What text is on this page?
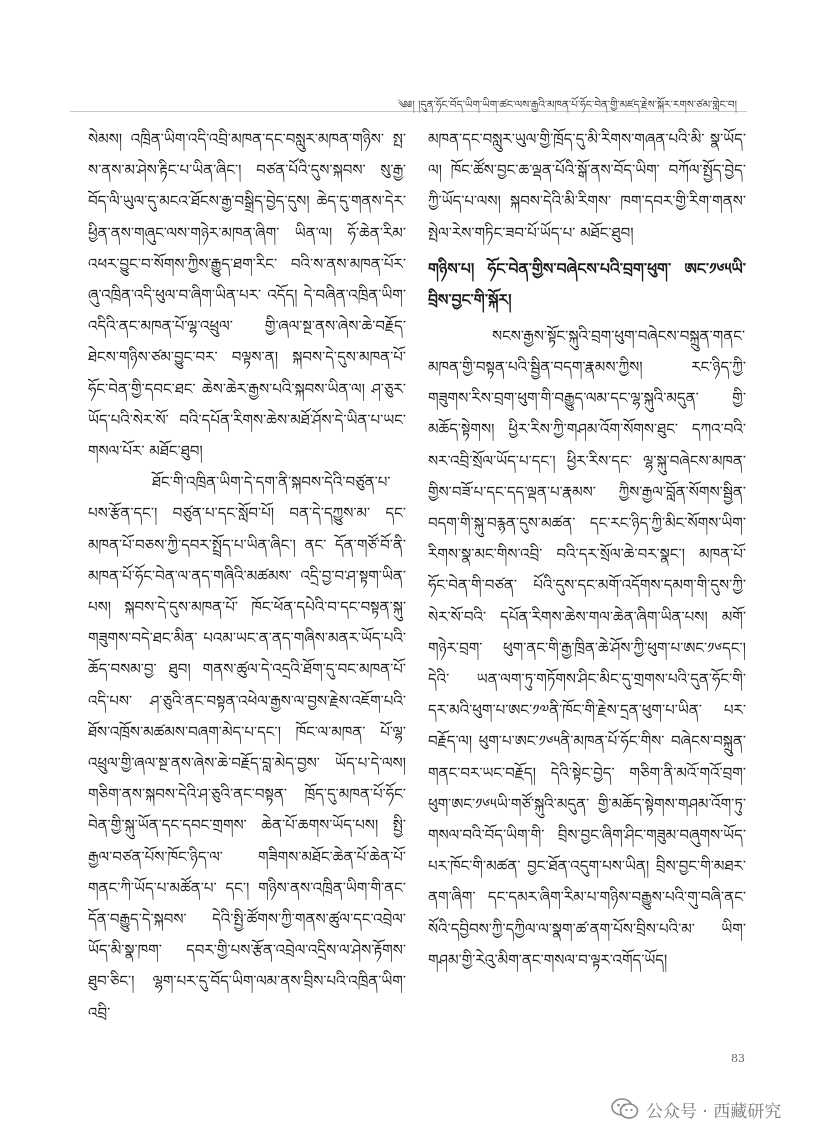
༄༅། །དུན་ཧོང་བོད་ཡིག་ཡིག་ཚང་ལས་རྒྱའི་མཁན་པོ་ཧོང་བེན་གྱི་མཛད་རྗེས་སྐོར་རགས་ཙམ་གླེང་བ།

སེམས། འཁྲིན་ཡིག་འདི་འབྲི་མཁན་དང་བསླུར་མཁན་གཉིས་ སྤ་ས་ནས་མ་ཤེས་རྟིང་པ་ཡིན་ཞིང་། བཙན་པོའི་དུས་སྐབས་ སུ་རྒྱ་བོད་ལི་ཡུལ་དུ་མངའ་ཐོངས་རྒྱ་བསྒྲིད་བྱེད་དུས། ཆེད་དུ་གནས་དེར་ཕྱིན་ནས་གཞུང་ལས་གཉེར་མཁན་ཞིག་ ཡིན་ལ། ཧོ་ཆེན་རིམ་འཕར་བྱུང་བ་སོགས་ཀྱིས་རྒྱུད་ཐག་རིང་ བའི་ས་ནས་མཁན་པོར་ཞུ་འཁྲིན་འདི་ཕུལ་བ་ཞིག་ཡིན་པར་ འདོད། དེ་བཞིན་འཁྲིན་ཡིག་འདིའི་ནང་མཁན་པོ་ལྷ་འཕྲུལ་ གྱི་ཞལ་སྔ་ནས་ཞེས་ཆེ་བརྗོད་ཐེངས་གཉིས་ཙམ་བྱུང་བར་ བལྟས་ན། སྐབས་དེ་དུས་མཁན་པོ་ཧོང་བེན་གྱི་དབང་ཐང་ ཆེས་ཆེར་རྒྱས་པའི་སྐབས་ཡིན་ལ། ཤ་ཅུར་ཡོད་པའི་སེར་སོ་ བའི་དཔོན་རིགས་ཆེས་མཐོ་ཤོས་དེ་ཡིན་པ་ཡང་གསལ་པོར་ མཐོང་ཐུབ།

ཐོང་གི་འཁྲིན་ཡིག་དེ་དག་ནི་སྐབས་དེའི་བཙུན་པ་ པས་རྩོན་དང་། བཙུན་པ་དང་སློབ་པོ། བན་དེ་དཀྱུས་མ་ དང་མཁན་པོ་བཅས་ཀྱི་དབར་སྤྲོད་པ་ཡིན་ཞིང་། ནང་ དོན་གཙོ་བོ་ནི་མཁན་པོ་ཧོང་བེན་ལ་ནད་གཞིའི་མཚམས་ འདྲི་བྱ་བ་ཤ་སྟག་ཡིན་པས། སྐབས་དེ་དུས་མཁན་པོ་ ཁོང་ཕོན་དཔེའི་བ་དང་བསྟན་སྐུ་གཟུགས་བདེ་ཐང་མིན་ པའམ་ཡང་ན་ནད་གཞིས་མནར་ཡོད་པའི་ཆོད་བསམ་བྱ་ ཐུབ། གནས་ཚུལ་དེ་འདྲའི་ཐོག་དུ་བང་མཁན་པོ་འདི་པས་ ཤ་ཅུའི་ནང་བསྟན་འཕེལ་རྒྱས་ལ་བྱས་རྗེས་འཇོག་པའི་ ཐོས་འཁྲོས་མཚམས་བཞག་མེད་པ་དང་། ཁོང་ལ་མཁན་ པོ་ལྷ་འཕྲུལ་གྱི་ཞལ་སྔ་ནས་ཞེས་ཆེ་བརྗོད་བླ་མེད་བྱས་ ཡོད་པ་དེ་ལས། གཅིག་ནས་སྐབས་དེའི་ཤ་ཅུའི་ནང་བསྟན་ ཁྲོད་དུ་མཁན་པོ་ཧོང་བེན་གྱི་སྐུ་ཡོན་དང་དབང་གྲགས་ ཆེན་པོ་ཆགས་ཡོད་པས། སྤྱི་རྒྱལ་བཙན་པོས་ཁོང་ཉིད་ལ་ གཟིགས་མཐོང་ཆེན་པོ་ཆེན་པོ་གནང་ཀི་ཡོད་པ་མཚོན་པ་ དང་། གཉིས་ནས་འཁྲིན་ཡིག་གི་ནང་དོན་བརྒྱུད་དེ་སྐབས་ དེའི་སྤྱི་ཚོགས་ཀྱི་གནས་ཚུལ་དང་འབྲེལ་ཡོད་མི་སྣ་ཁག་ དབར་གྱི་པས་རྩོན་འབྲེལ་འདྲིས་ལ་ཤེས་རྟོགས་ཐུབ་ཅིང་། ལྷག་པར་དུ་བོད་ཡིག་ལམ་ནས་བྲིས་པའི་འཁྲིན་ཡིག་འབྲི་

མཁན་དང་བསླུར་ཡུལ་གྱི་ཁྲོད་དུ་མི་རིགས་གཞན་པའི་མི་ སྣ་ཡོད་ལ། ཁོང་ཚོས་བྱང་ཆ་ལྡན་པོའི་སྒོ་ནས་བོད་ཡིག་ བཀོལ་སྤྱོད་བྱེད་ཀྱི་ཡོད་པ་ལས། སྐབས་དེའི་མི་རིགས་ ཁག་དབར་གྱི་རིག་གནས་སྤེལ་རེས་གཏིང་ཟབ་པོ་ཡོད་པ་ མཐོང་ཐུབ།

གཉིས་པ། ཧོང་བེན་གྱིས་བཞེངས་པའི་བྲག་ཕུག་ ཨང་༡༦༥ཡི་བྲིས་བྱང་གི་སྐོར།

སངས་རྒྱས་སྟོང་སྐུའི་བྲག་ཕུག་བཞེངས་བསྐྲུན་གནང་ མཁན་གྱི་བསྟན་པའི་སྦྱིན་བདག་རྣམས་ཀྱིས། རང་ཉིད་ཀྱི་ གཟུགས་རིས་བྲག་ཕུག་གི་བརྒྱུད་ལམ་དང་ལྷ་སྐུའི་མདུན་ གྱི་མཆོད་སྟེགས། ཕྱིར་རིས་ཀྱི་གཤམ་འོག་སོགས་ཐུང་ དཀའ་བའི་སར་འབྲི་སྲོལ་ཡོད་པ་དང་། ཕྱིར་རིས་དང་ ལྷ་སྐུ་བཞེངས་མཁན་གྱིས་བཟོ་པ་དང་དད་ལྡན་པ་རྣམས་ ཀྱིས་རྒྱལ་བློན་སོགས་སྦྱིན་བདག་གི་སྐུ་བརྙན་དུས་མཚན་ དང་རང་ཉིད་ཀྱི་མིང་སོགས་ཡིག་རིགས་སྣ་མང་གིས་འབྲི་ བའི་དར་སྲོལ་ཆེ་བར་སྣང་། མཁན་པོ་ཧོང་བེན་གི་བཙན་ པོའི་དུས་དང་མགོ་འདོགས་དམག་གི་དུས་ཀྱི་སེར་སོ་བའི་ དཔོན་རིགས་ཆེས་གལ་ཆེན་ཞིག་ཡིན་པས། མགོ་གཉེར་བྲག་ ཕུག་ནང་གི་རྒྱ་ཁྲིན་ཆེ་ཤོས་ཀྱི་ཕུག་པ་ཨང་༡༦དང་། དེའི་ ཡན་ལག་ཏུ་གཏོགས་ཤིང་མིང་དུ་གྲགས་པའི་དུན་ཧོང་གི་ དར་མའི་ཕུག་པ་ཨང་༡༧ནི་ཁོང་གི་རྗེས་དྲན་ཕུག་པ་ཡིན་ པར་བརྗོད་ལ། ཕུག་པ་ཨང་༡༦༥ནི་མཁན་པོ་ཧོང་གིས་ བཞེངས་བསྐྲུན་གནང་བར་ཡང་བརྗོད། དེའི་སྟེང་བྱེད་ གཅིག་ནི་མའོ་གའོ་བྲག་ཕུག་ཨང་༡༦༥ཡི་གཙོ་སྐུའི་མདུན་ གྱི་མཆོད་སྟེགས་གཤམ་འོག་ཏུ་གསལ་བའི་བོད་ཡིག་གི་ བྲིས་བྱང་ཞིག་ཤིང་གཟུམ་བཞུགས་ཡོད་པར་ཁོང་གི་མཚན་ བྱང་ཐོན་འདུག་པས་ཡིན། བྲིས་བྱང་གི་མཐར་ནག་ཞིག་ དང་དམར་ཞིག་རིམ་པ་གཉིས་བརྒྱུས་པའི་གུ་བཞི་ནང་ སོའི་དབྱིབས་ཀྱི་དཀྱིལ་ལ་སྣག་ཚ་ནག་པོས་བྲིས་པའི་མ་ ཡིག་གཤམ་གྱི་རེའུ་མིག་ནང་གསལ་བ་ལྟར་འགོད་ཡོད།

83
公众号 · 西藏研究
